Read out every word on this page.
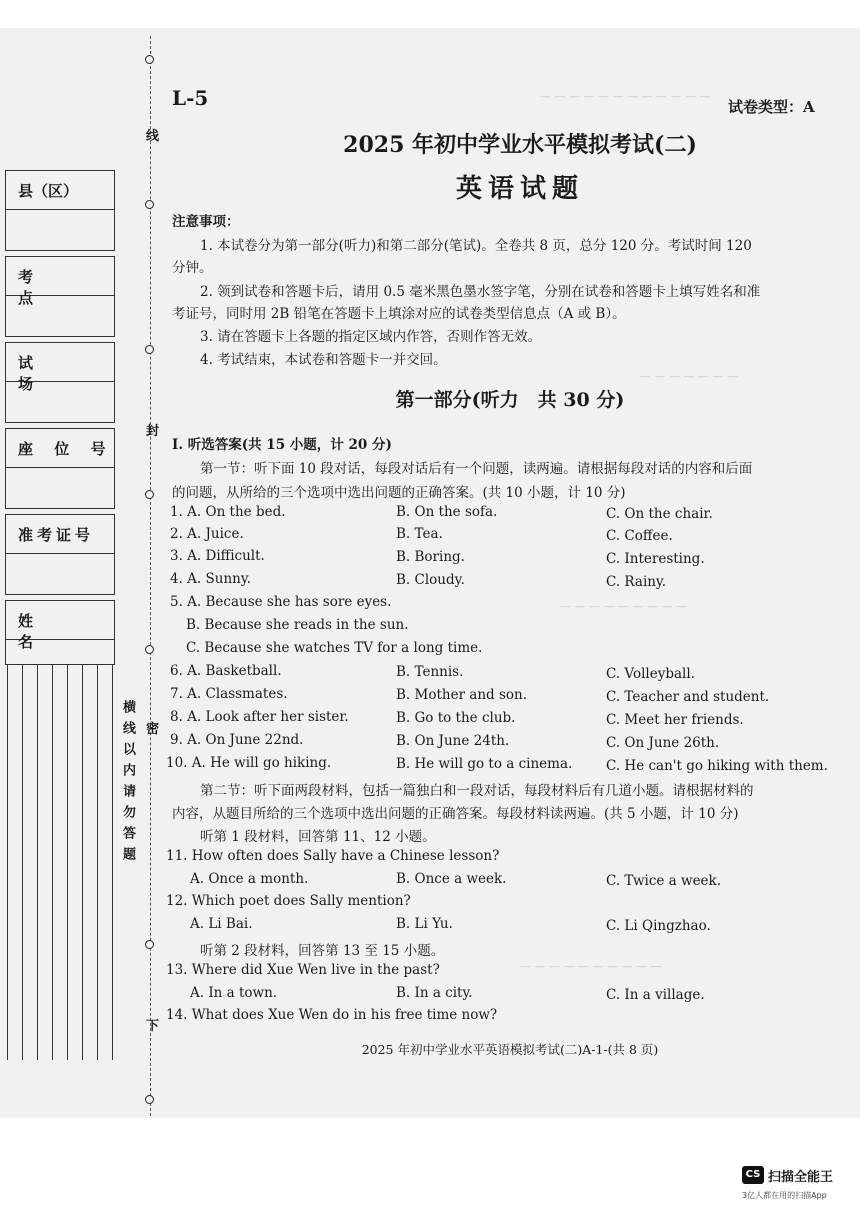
— — — — — — — — — — — —
— — — — — — —
— — — — — — — — —
— — — — — — — — — —
线
封
密
下
横线以内请勿答题
县（区）
考　点
试　场
座 位 号
准考证号
姓　名
L-5	试卷类型：A
2025 年初中学业水平模拟考试(二)
英语试题
注意事项：
1. 本试卷分为第一部分(听力)和第二部分(笔试)。全卷共 8 页，总分 120 分。考试时间 120
分钟。
2. 领到试卷和答题卡后，请用 0.5 毫米黑色墨水签字笔，分别在试卷和答题卡上填写姓名和准
考证号，同时用 2B 铅笔在答题卡上填涂对应的试卷类型信息点（A 或 B）。
3. 请在答题卡上各题的指定区域内作答，否则作答无效。
4. 考试结束，本试卷和答题卡一并交回。
第一部分(听力　共 30 分)
Ⅰ. 听选答案(共 15 小题，计 20 分)
第一节：听下面 10 段对话，每段对话后有一个问题，读两遍。请根据每段对话的内容和后面
的问题，从所给的三个选项中选出问题的正确答案。(共 10 小题，计 10 分)
1. A. On the bed.	B. On the sofa.	C. On the chair.
2. A. Juice.	B. Tea.	C. Coffee.
3. A. Difficult.	B. Boring.	C. Interesting.
4. A. Sunny.	B. Cloudy.	C. Rainy.
5. A. Because she has sore eyes.
B. Because she reads in the sun.
C. Because she watches TV for a long time.
6. A. Basketball.	B. Tennis.	C. Volleyball.
7. A. Classmates.	B. Mother and son.	C. Teacher and student.
8. A. Look after her sister.	B. Go to the club.	C. Meet her friends.
9. A. On June 22nd.	B. On June 24th.	C. On June 26th.
10. A. He will go hiking.	B. He will go to a cinema. C. He can't go hiking with them.
第二节：听下面两段材料，包括一篇独白和一段对话，每段材料后有几道小题。请根据材料的
内容，从题目所给的三个选项中选出问题的正确答案。每段材料读两遍。(共 5 小题，计 10 分)
听第 1 段材料，回答第 11、12 小题。
11. How often does Sally have a Chinese lesson?
A. Once a month.	B. Once a week.	C. Twice a week.
12. Which poet does Sally mention?
A. Li Bai.	B. Li Yu.	C. Li Qingzhao.
听第 2 段材料，回答第 13 至 15 小题。
13. Where did Xue Wen live in the past?
A. In a town.	B. In a city.	C. In a village.
14. What does Xue Wen do in his free time now?
2025 年初中学业水平英语模拟考试(二)A-1-(共 8 页)
CS 扫描全能王
3亿人都在用的扫描App
